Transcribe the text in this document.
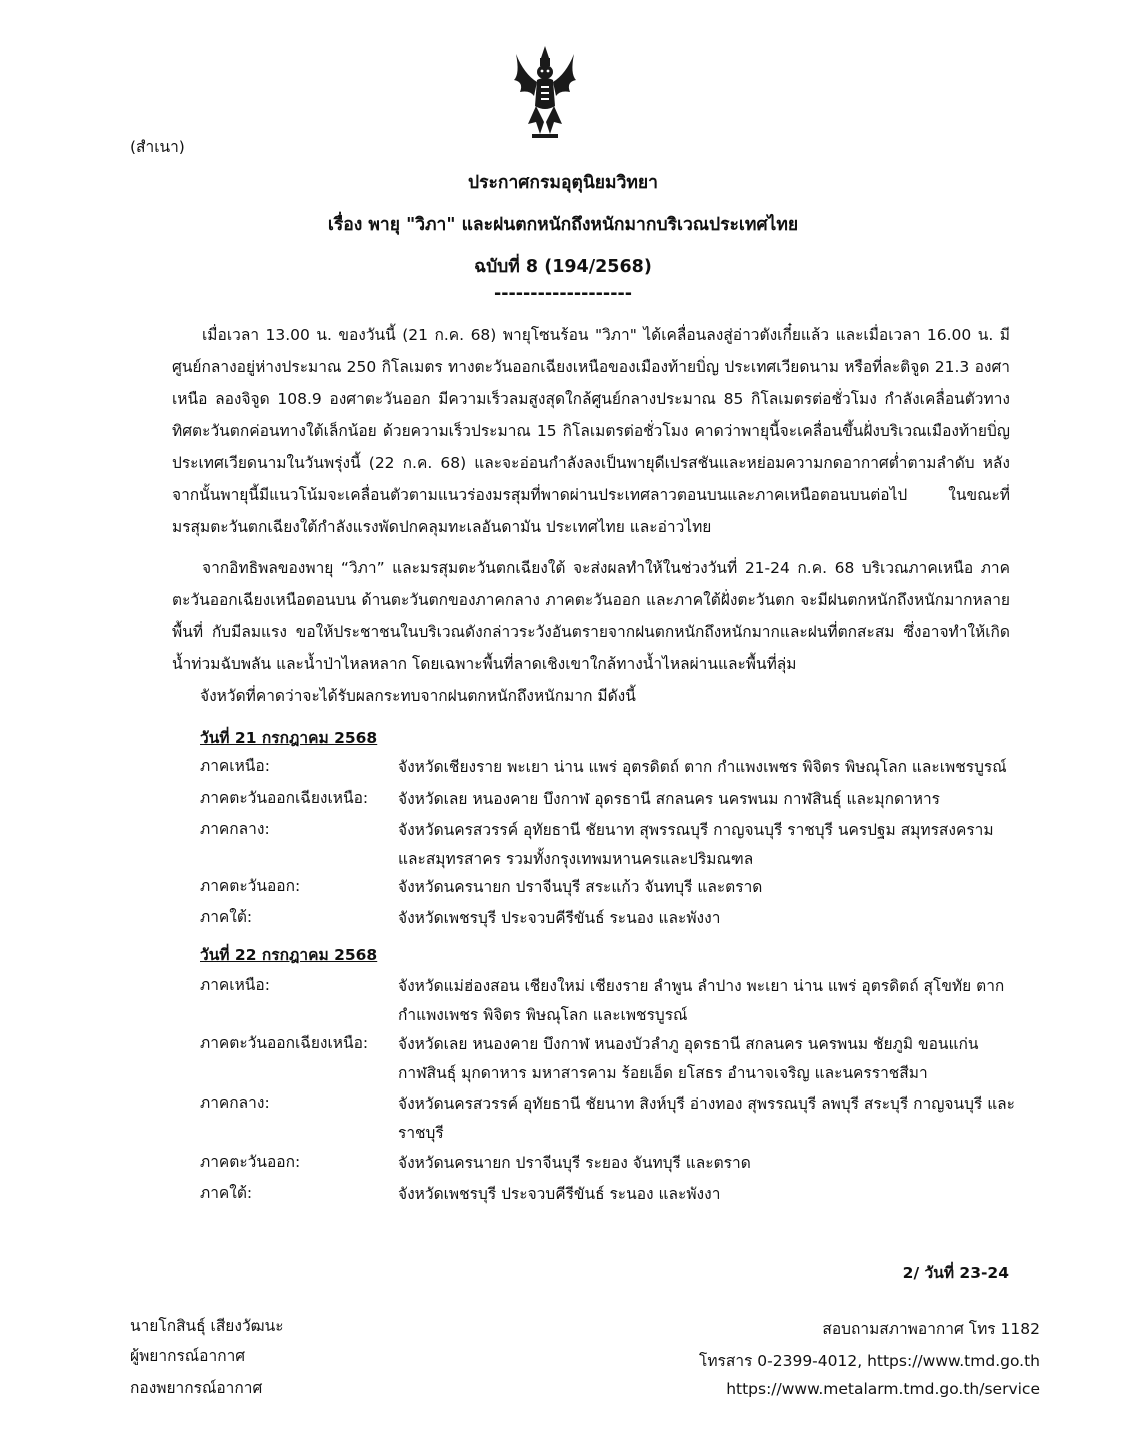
(สำเนา)
ประกาศกรมอุตุนิยมวิทยา
เรื่อง พายุ "วิภา" และฝนตกหนักถึงหนักมากบริเวณประเทศไทย
ฉบับที่ 8 (194/2568)
-------------------
เมื่อเวลา 13.00 น. ของวันนี้ (21 ก.ค. 68) พายุโซนร้อน "วิภา" ได้เคลื่อนลงสู่อ่าวตังเกี๋ยแล้ว และเมื่อเวลา 16.00 น. มีศูนย์กลางอยู่ห่างประมาณ 250 กิโลเมตร ทางตะวันออกเฉียงเหนือของเมืองท้ายบิ่ญ ประเทศเวียดนาม หรือที่ละติจูด 21.3 องศาเหนือ ลองจิจูด 108.9 องศาตะวันออก มีความเร็วลมสูงสุดใกล้ศูนย์กลางประมาณ 85 กิโลเมตรต่อชั่วโมง กำลังเคลื่อนตัวทางทิศตะวันตกค่อนทางใต้เล็กน้อย ด้วยความเร็วประมาณ 15 กิโลเมตรต่อชั่วโมง คาดว่าพายุนี้จะเคลื่อนขึ้นฝั่งบริเวณเมืองท้ายบิ่ญ ประเทศเวียดนามในวันพรุ่งนี้ (22 ก.ค. 68) และจะอ่อนกำลังลงเป็นพายุดีเปรสชันและหย่อมความกดอากาศต่ำตามลำดับ หลังจากนั้นพายุนี้มีแนวโน้มจะเคลื่อนตัวตามแนวร่องมรสุมที่พาดผ่านประเทศลาวตอนบนและภาคเหนือตอนบนต่อไป ในขณะที่มรสุมตะวันตกเฉียงใต้กำลังแรงพัดปกคลุมทะเลอันดามัน ประเทศไทย และอ่าวไทย
จากอิทธิพลของพายุ “วิภา” และมรสุมตะวันตกเฉียงใต้ จะส่งผลทำให้ในช่วงวันที่ 21-24 ก.ค. 68 บริเวณภาคเหนือ ภาคตะวันออกเฉียงเหนือตอนบน ด้านตะวันตกของภาคกลาง ภาคตะวันออก และภาคใต้ฝั่งตะวันตก จะมีฝนตกหนักถึงหนักมากหลายพื้นที่ กับมีลมแรง ขอให้ประชาชนในบริเวณดังกล่าวระวังอันตรายจากฝนตกหนักถึงหนักมากและฝนที่ตกสะสม ซึ่งอาจทำให้เกิดน้ำท่วมฉับพลัน และน้ำป่าไหลหลาก โดยเฉพาะพื้นที่ลาดเชิงเขาใกล้ทางน้ำไหลผ่านและพื้นที่ลุ่ม
จังหวัดที่คาดว่าจะได้รับผลกระทบจากฝนตกหนักถึงหนักมาก มีดังนี้
วันที่ 21 กรกฎาคม 2568
ภาคเหนือ:	จังหวัดเชียงราย พะเยา น่าน แพร่ อุตรดิตถ์ ตาก กำแพงเพชร พิจิตร พิษณุโลก และเพชรบูรณ์
ภาคตะวันออกเฉียงเหนือ:	จังหวัดเลย หนองคาย บึงกาฬ อุดรธานี สกลนคร นครพนม กาฬสินธุ์ และมุกดาหาร
ภาคกลาง:	จังหวัดนครสวรรค์ อุทัยธานี ชัยนาท สุพรรณบุรี กาญจนบุรี ราชบุรี นครปฐม สมุทรสงคราม และสมุทรสาคร รวมทั้งกรุงเทพมหานครและปริมณฑล
ภาคตะวันออก:	จังหวัดนครนายก ปราจีนบุรี สระแก้ว จันทบุรี และตราด
ภาคใต้:	จังหวัดเพชรบุรี ประจวบคีรีขันธ์ ระนอง และพังงา
วันที่ 22 กรกฎาคม 2568
ภาคเหนือ:	จังหวัดแม่ฮ่องสอน เชียงใหม่ เชียงราย ลำพูน ลำปาง พะเยา น่าน แพร่ อุตรดิตถ์ สุโขทัย ตาก กำแพงเพชร พิจิตร พิษณุโลก และเพชรบูรณ์
ภาคตะวันออกเฉียงเหนือ:	จังหวัดเลย หนองคาย บึงกาฬ หนองบัวลำภู อุดรธานี สกลนคร นครพนม ชัยภูมิ ขอนแก่น กาฬสินธุ์ มุกดาหาร มหาสารคาม ร้อยเอ็ด ยโสธร อำนาจเจริญ และนครราชสีมา
ภาคกลาง:	จังหวัดนครสวรรค์ อุทัยธานี ชัยนาท สิงห์บุรี อ่างทอง สุพรรณบุรี ลพบุรี สระบุรี กาญจนบุรี และราชบุรี
ภาคตะวันออก:	จังหวัดนครนายก ปราจีนบุรี ระยอง จันทบุรี และตราด
ภาคใต้:	จังหวัดเพชรบุรี ประจวบคีรีขันธ์ ระนอง และพังงา
2/ วันที่ 23-24
นายโกสินธุ์ เสียงวัฒนะ
ผู้พยากรณ์อากาศ
กองพยากรณ์อากาศ
สอบถามสภาพอากาศ โทร 1182
โทรสาร 0-2399-4012, https://www.tmd.go.th
https://www.metalarm.tmd.go.th/service
